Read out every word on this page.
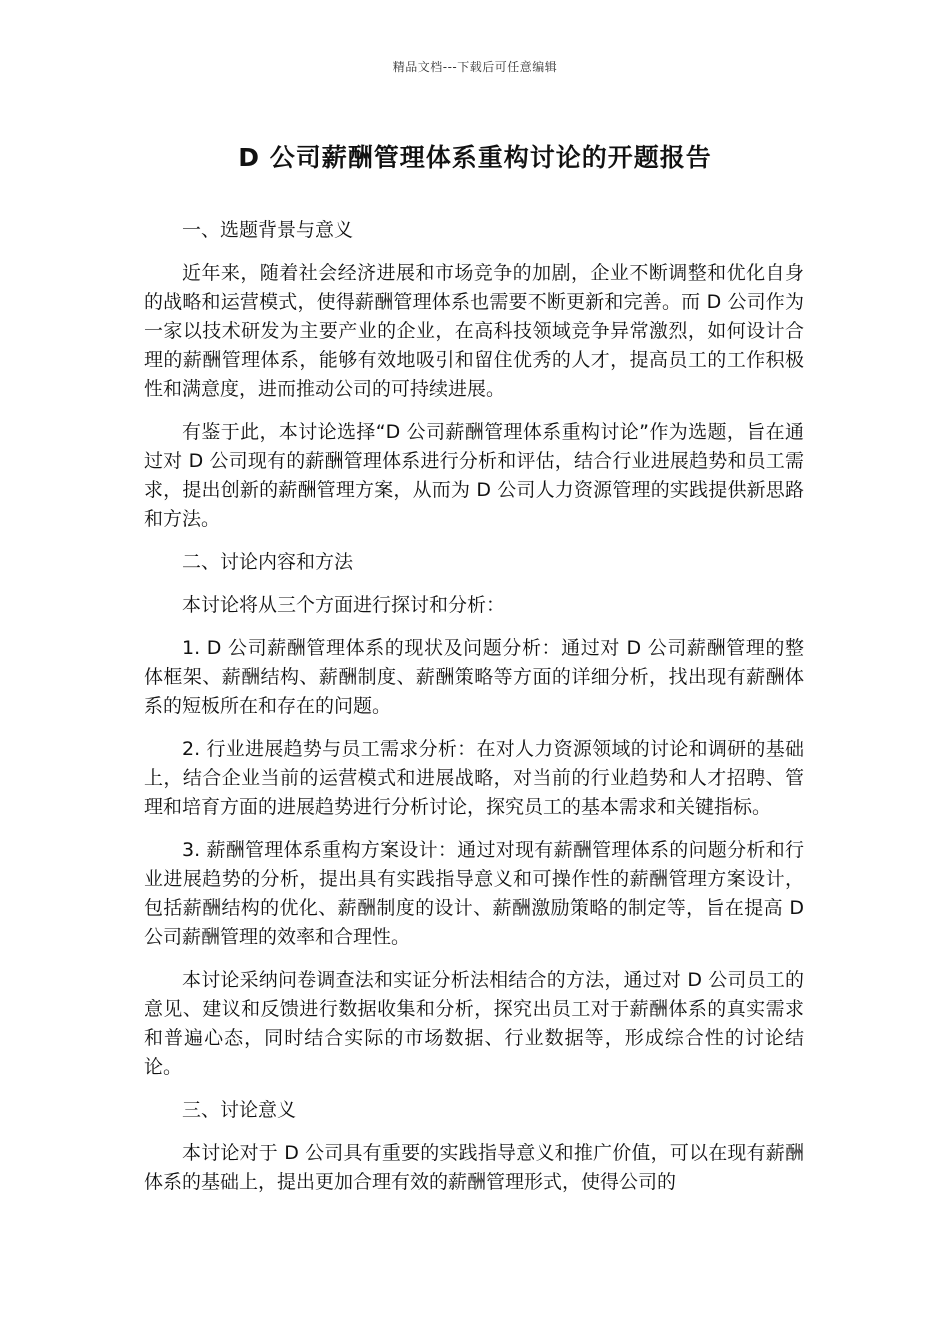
精品文档---下载后可任意编辑
D 公司薪酬管理体系重构讨论的开题报告

一、选题背景与意义

近年来，随着社会经济进展和市场竞争的加剧，企业不断调整和优化自身的战略和运营模式，使得薪酬管理体系也需要不断更新和完善。而 D 公司作为一家以技术研发为主要产业的企业，在高科技领域竞争异常激烈，如何设计合理的薪酬管理体系，能够有效地吸引和留住优秀的人才，提高员工的工作积极性和满意度，进而推动公司的可持续进展。

有鉴于此，本讨论选择“D 公司薪酬管理体系重构讨论”作为选题，旨在通过对 D 公司现有的薪酬管理体系进行分析和评估，结合行业进展趋势和员工需求，提出创新的薪酬管理方案，从而为 D 公司人力资源管理的实践提供新思路和方法。

二、讨论内容和方法

本讨论将从三个方面进行探讨和分析：

1. D 公司薪酬管理体系的现状及问题分析：通过对 D 公司薪酬管理的整体框架、薪酬结构、薪酬制度、薪酬策略等方面的详细分析，找出现有薪酬体系的短板所在和存在的问题。

2. 行业进展趋势与员工需求分析：在对人力资源领域的讨论和调研的基础上，结合企业当前的运营模式和进展战略，对当前的行业趋势和人才招聘、管理和培育方面的进展趋势进行分析讨论，探究员工的基本需求和关键指标。

3. 薪酬管理体系重构方案设计：通过对现有薪酬管理体系的问题分析和行业进展趋势的分析，提出具有实践指导意义和可操作性的薪酬管理方案设计，包括薪酬结构的优化、薪酬制度的设计、薪酬激励策略的制定等，旨在提高 D 公司薪酬管理的效率和合理性。

本讨论采纳问卷调查法和实证分析法相结合的方法，通过对 D 公司员工的意见、建议和反馈进行数据收集和分析，探究出员工对于薪酬体系的真实需求和普遍心态，同时结合实际的市场数据、行业数据等，形成综合性的讨论结论。

三、讨论意义

本讨论对于 D 公司具有重要的实践指导意义和推广价值，可以在现有薪酬体系的基础上，提出更加合理有效的薪酬管理形式，使得公司的
